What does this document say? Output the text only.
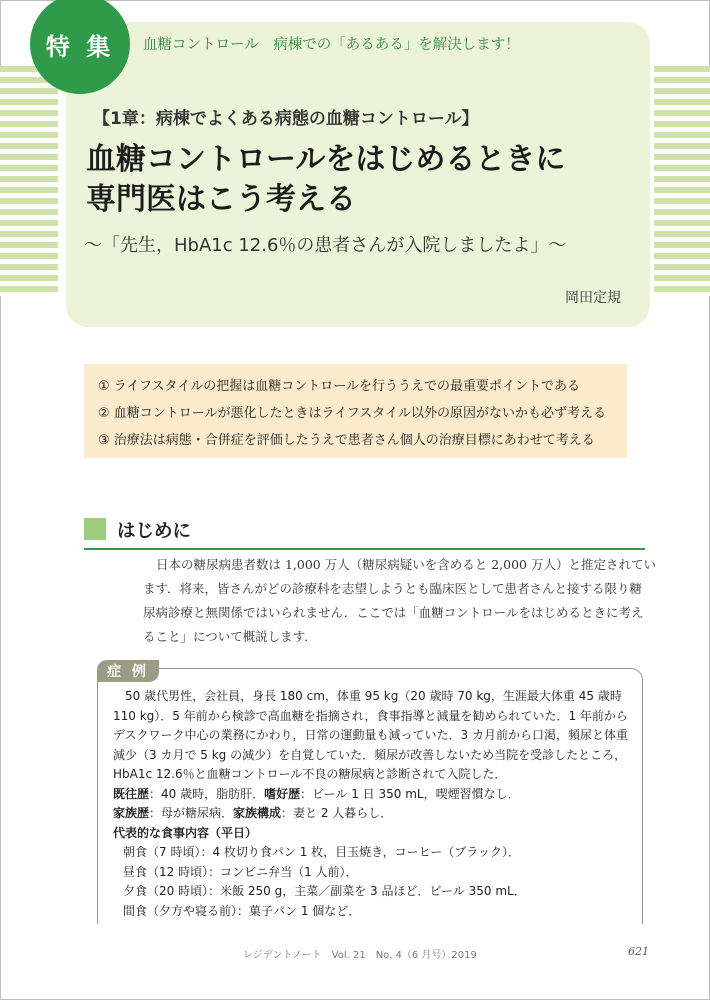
特 集	血糖コントロール　病棟での「あるある」を解決します！
【1章：病棟でよくある病態の血糖コントロール】
血糖コントロールをはじめるときに
専門医はこう考える
〜「先生，HbA1c 12.6％の患者さんが入院しましたよ」〜
岡田定規
① ライフスタイルの把握は血糖コントロールを行ううえでの最重要ポイントである
② 血糖コントロールが悪化したときはライフスタイル以外の原因がないかも必ず考える
③ 治療法は病態・合併症を評価したうえで患者さん個人の治療目標にあわせて考える
はじめに
日本の糖尿病患者数は 1,000 万人（糖尿病疑いを含めると 2,000 万人）と推定されてい
ます．将来，皆さんがどの診療科を志望しようとも臨床医として患者さんと接する限り糖
尿病診療と無関係ではいられません．ここでは「血糖コントロールをはじめるときに考え
ること」について概説します．
症 例
50 歳代男性，会社員，身長 180 cm，体重 95 kg（20 歳時 70 kg，生涯最大体重 45 歳時
110 kg）．5 年前から検診で高血糖を指摘され，食事指導と減量を勧められていた．1 年前から
デスクワーク中心の業務にかわり，日常の運動量も減っていた．3 カ月前から口渇，頻尿と体重
減少（3 カ月で 5 kg の減少）を自覚していた．頻尿が改善しないため当院を受診したところ，
HbA1c 12.6％と血糖コントロール不良の糖尿病と診断されて入院した．
既往歴：40 歳時，脂肪肝．嗜好歴：ビール 1 日 350 mL，喫煙習慣なし．
家族歴：母が糖尿病．家族構成：妻と 2 人暮らし．
代表的な食事内容（平日）
朝食（7 時頃）：4 枚切り食パン 1 枚，目玉焼き，コーヒー（ブラック）．
昼食（12 時頃）：コンビニ弁当（1 人前）．
夕食（20 時頃）：米飯 250 g，主菜／副菜を 3 品ほど．ビール 350 mL．
間食（夕方や寝る前）：菓子パン 1 個など．
レジデントノート　Vol. 21　No. 4（6 月号）2019	621
